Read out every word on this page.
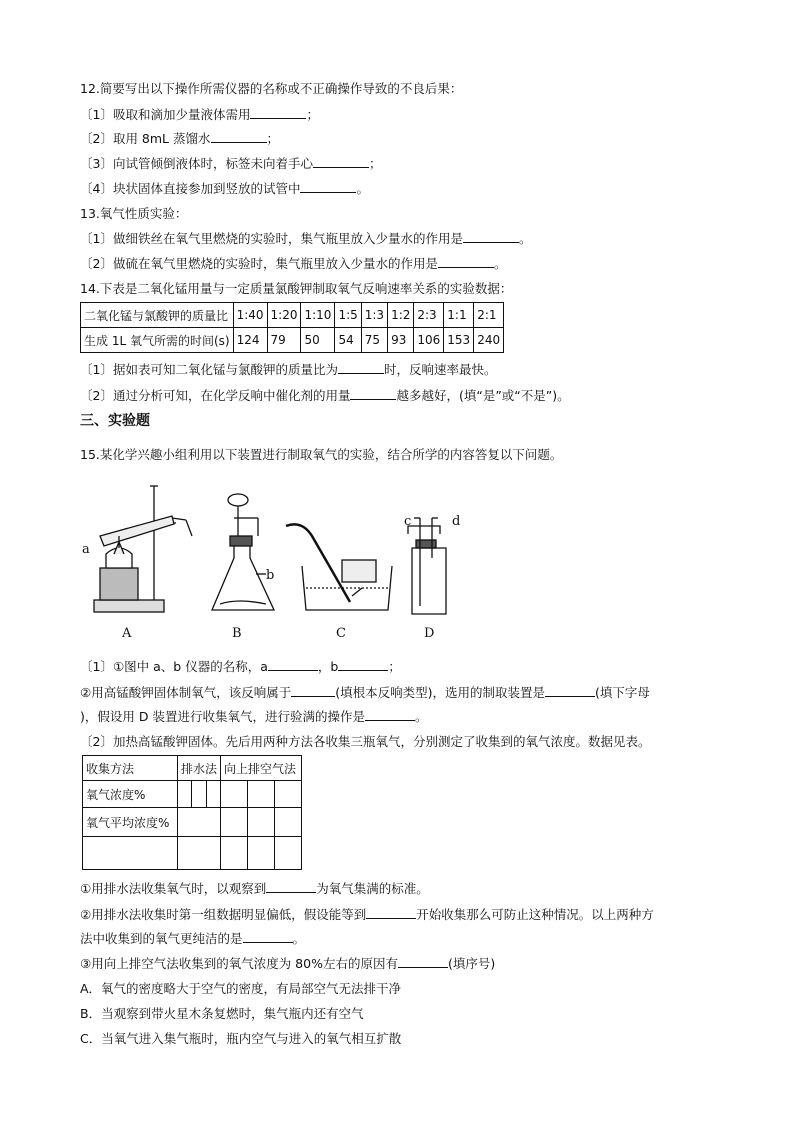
12.简要写出以下操作所需仪器的名称或不正确操作导致的不良后果：
〔1〕吸取和滴加少量液体需用	；
〔2〕取用 8mL 蒸馏水	；
〔3〕向试管倾倒液体时，标签未向着手心	；
〔4〕块状固体直接参加到竖放的试管中	。
13.氧气性质实验：
〔1〕做细铁丝在氧气里燃烧的实验时，集气瓶里放入少量水的作用是	。
〔2〕做硫在氧气里燃烧的实验时，集气瓶里放入少量水的作用是	。
14.下表是二氧化锰用量与一定质量氯酸钾制取氧气反响速率关系的实验数据：
二氧化锰与氯酸钾的质量比	1:40	1:20	1:10	1:5	1:3	1:2	2:3	1:1	2:1
生成 1L 氧气所需的时间(s)	124	79	50	54	75	93	106	153	240
〔1〕据如表可知二氧化锰与氯酸钾的质量比为	时，反响速率最快。
〔2〕通过分析可知，在化学反响中催化剂的用量	越多越好，(填“是”或“不是”)。
三、实验题
15.某化学兴趣小组利用以下装置进行制取氧气的实验，结合所学的内容答复以下问题。
a
b
c	d
A	B	C	D
〔1〕①图中 a、b 仪器的名称，a	，b	；
②用高锰酸钾固体制氧气，该反响属于	(填根本反响类型)，选用的制取装置是	(填下字母
)，假设用 D 装置进行收集氧气，进行验满的操作是	。
〔2〕加热高锰酸钾固体。先后用两种方法各收集三瓶氧气，分别测定了收集到的氧气浓度。数据见表。
收集方法	排水法			向上排空气法		
氧气浓度%						
氧气平均浓度%						

①用排水法收集氧气时，以观察到	为氧气集满的标准。
②用排水法收集时第一组数据明显偏低，假设能等到	开始收集那么可防止这种情况。以上两种方
法中收集到的氧气更纯洁的是	。
③用向上排空气法收集到的氧气浓度为 80%左右的原因有	(填序号)
A．氧气的密度略大于空气的密度，有局部空气无法排干净
B．当观察到带火星木条复燃时，集气瓶内还有空气
C．当氧气进入集气瓶时，瓶内空气与进入的氧气相互扩散
